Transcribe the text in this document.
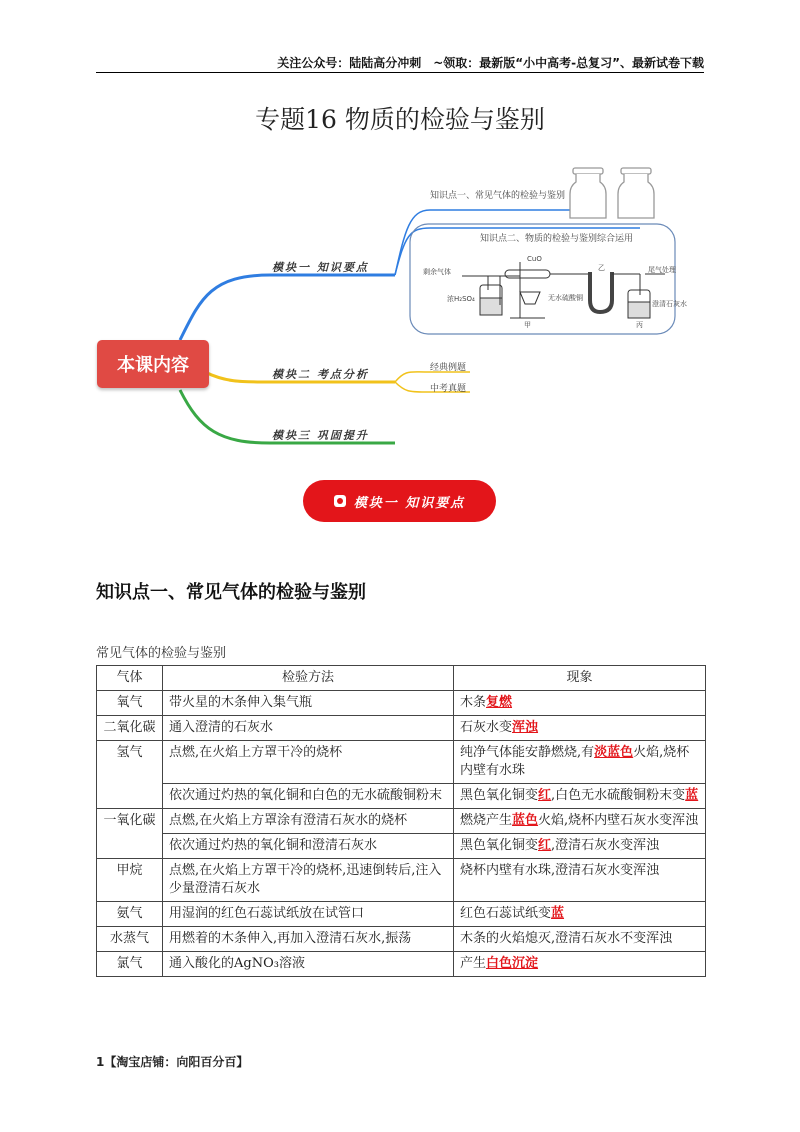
关注公众号：陆陆高分冲刺　~领取：最新版“小中高考-总复习”、最新试卷下载
专题16 物质的检验与鉴别
本课内容
模块一 知识要点
模块二 考点分析
模块三 巩固提升
知识点一、常见气体的检验与鉴别
知识点二、物质的检验与鉴别综合运用
经典例题
中考真题
剩余气体
浓H₂SO₄
CuO
无水硫酸铜
乙	尾气处理
澄清石灰水
甲	丙
模块一 知识要点
知识点一、常见气体的检验与鉴别
常见气体的检验与鉴别
气体	检验方法	现象
氧气	带火星的木条伸入集气瓶	木条复燃
二氧化碳	通入澄清的石灰水	石灰水变浑浊
氢气	点燃,在火焰上方罩干冷的烧杯	纯净气体能安静燃烧,有淡蓝色火焰,烧杯内壁有水珠
	依次通过灼热的氧化铜和白色的无水硫酸铜粉末	黑色氧化铜变红,白色无水硫酸铜粉末变蓝
一氧化碳	点燃,在火焰上方罩涂有澄清石灰水的烧杯	燃烧产生蓝色火焰,烧杯内壁石灰水变浑浊
	依次通过灼热的氧化铜和澄清石灰水	黑色氧化铜变红,澄清石灰水变浑浊
甲烷	点燃,在火焰上方罩干冷的烧杯,迅速倒转后,注入少量澄清石灰水	烧杯内壁有水珠,澄清石灰水变浑浊
氨气	用湿润的红色石蕊试纸放在试管口	红色石蕊试纸变蓝
水蒸气	用燃着的木条伸入,再加入澄清石灰水,振荡	木条的火焰熄灭,澄清石灰水不变浑浊
氯气	通入酸化的AgNO₃溶液	产生白色沉淀
1【淘宝店铺：向阳百分百】
